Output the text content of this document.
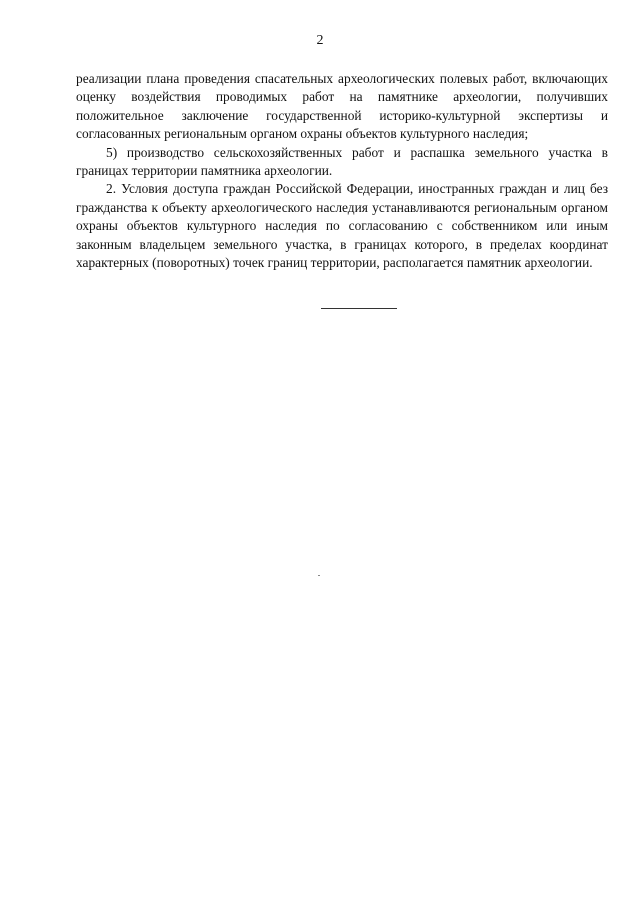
2

реализации плана проведения спасательных археологических полевых работ, включающих оценку воздействия проводимых работ на памятнике археологии, получивших положительное заключение государственной историко-культурной экспертизы и согласованных региональным органом охраны объектов культурного наследия;

5) производство сельскохозяйственных работ и распашка земельного участка в границах территории памятника археологии.

2. Условия доступа граждан Российской Федерации, иностранных граждан и лиц без гражданства к объекту археологического наследия устанавливаются региональным органом охраны объектов культурного наследия по согласованию с собственником или иным законным владельцем земельного участка, в границах которого, в пределах координат характерных (поворотных) точек границ территории, располагается памятник археологии.
